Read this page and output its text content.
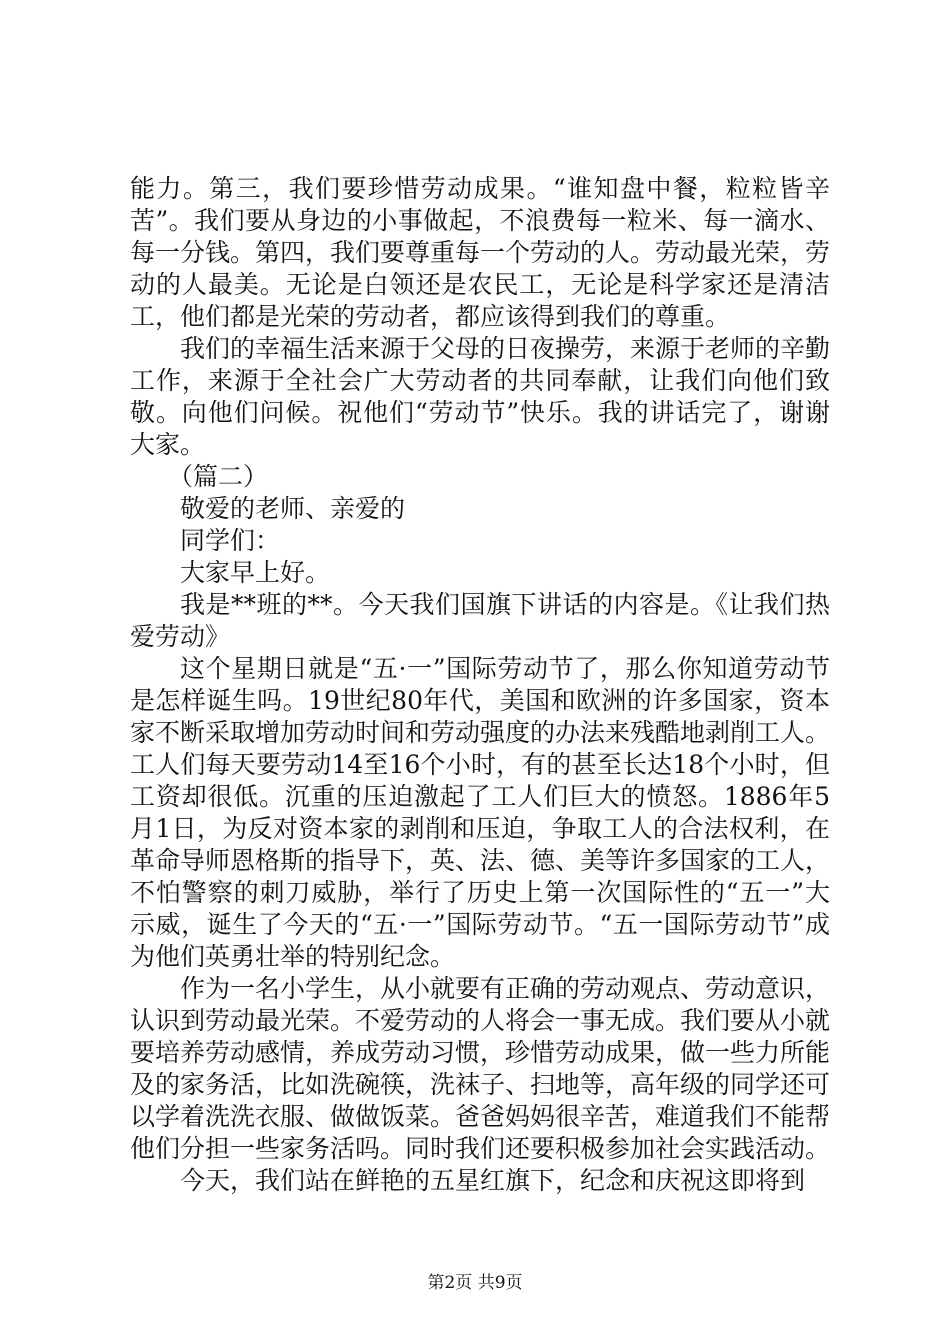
能力。第三，我们要珍惜劳动成果。“谁知盘中餐，粒粒皆辛苦”。我们要从身边的小事做起，不浪费每一粒米、每一滴水、每一分钱。第四，我们要尊重每一个劳动的人。劳动最光荣，劳动的人最美。无论是白领还是农民工，无论是科学家还是清洁工，他们都是光荣的劳动者，都应该得到我们的尊重。

我们的幸福生活来源于父母的日夜操劳，来源于老师的辛勤工作，来源于全社会广大劳动者的共同奉献，让我们向他们致敬。向他们问候。祝他们“劳动节”快乐。我的讲话完了，谢谢大家。

（篇二）

敬爱的老师、亲爱的

同学们：

大家早上好。

我是**班的**。今天我们国旗下讲话的内容是。《让我们热爱劳动》

这个星期日就是“五·一”国际劳动节了，那么你知道劳动节是怎样诞生吗。19世纪80年代，美国和欧洲的许多国家，资本家不断采取增加劳动时间和劳动强度的办法来残酷地剥削工人。工人们每天要劳动14至16个小时，有的甚至长达18个小时，但工资却很低。沉重的压迫激起了工人们巨大的愤怒。1886年5月1日，为反对资本家的剥削和压迫，争取工人的合法权利，在革命导师恩格斯的指导下，英、法、德、美等许多国家的工人，不怕警察的刺刀威胁，举行了历史上第一次国际性的“五一”大示威，诞生了今天的“五·一”国际劳动节。“五一国际劳动节”成为他们英勇壮举的特别纪念。

作为一名小学生，从小就要有正确的劳动观点、劳动意识，认识到劳动最光荣。不爱劳动的人将会一事无成。我们要从小就要培养劳动感情，养成劳动习惯，珍惜劳动成果，做一些力所能及的家务活，比如洗碗筷，洗袜子、扫地等，高年级的同学还可以学着洗洗衣服、做做饭菜。爸爸妈妈很辛苦，难道我们不能帮他们分担一些家务活吗。同时我们还要积极参加社会实践活动。

今天，我们站在鲜艳的五星红旗下，纪念和庆祝这即将到

第2页 共9页
